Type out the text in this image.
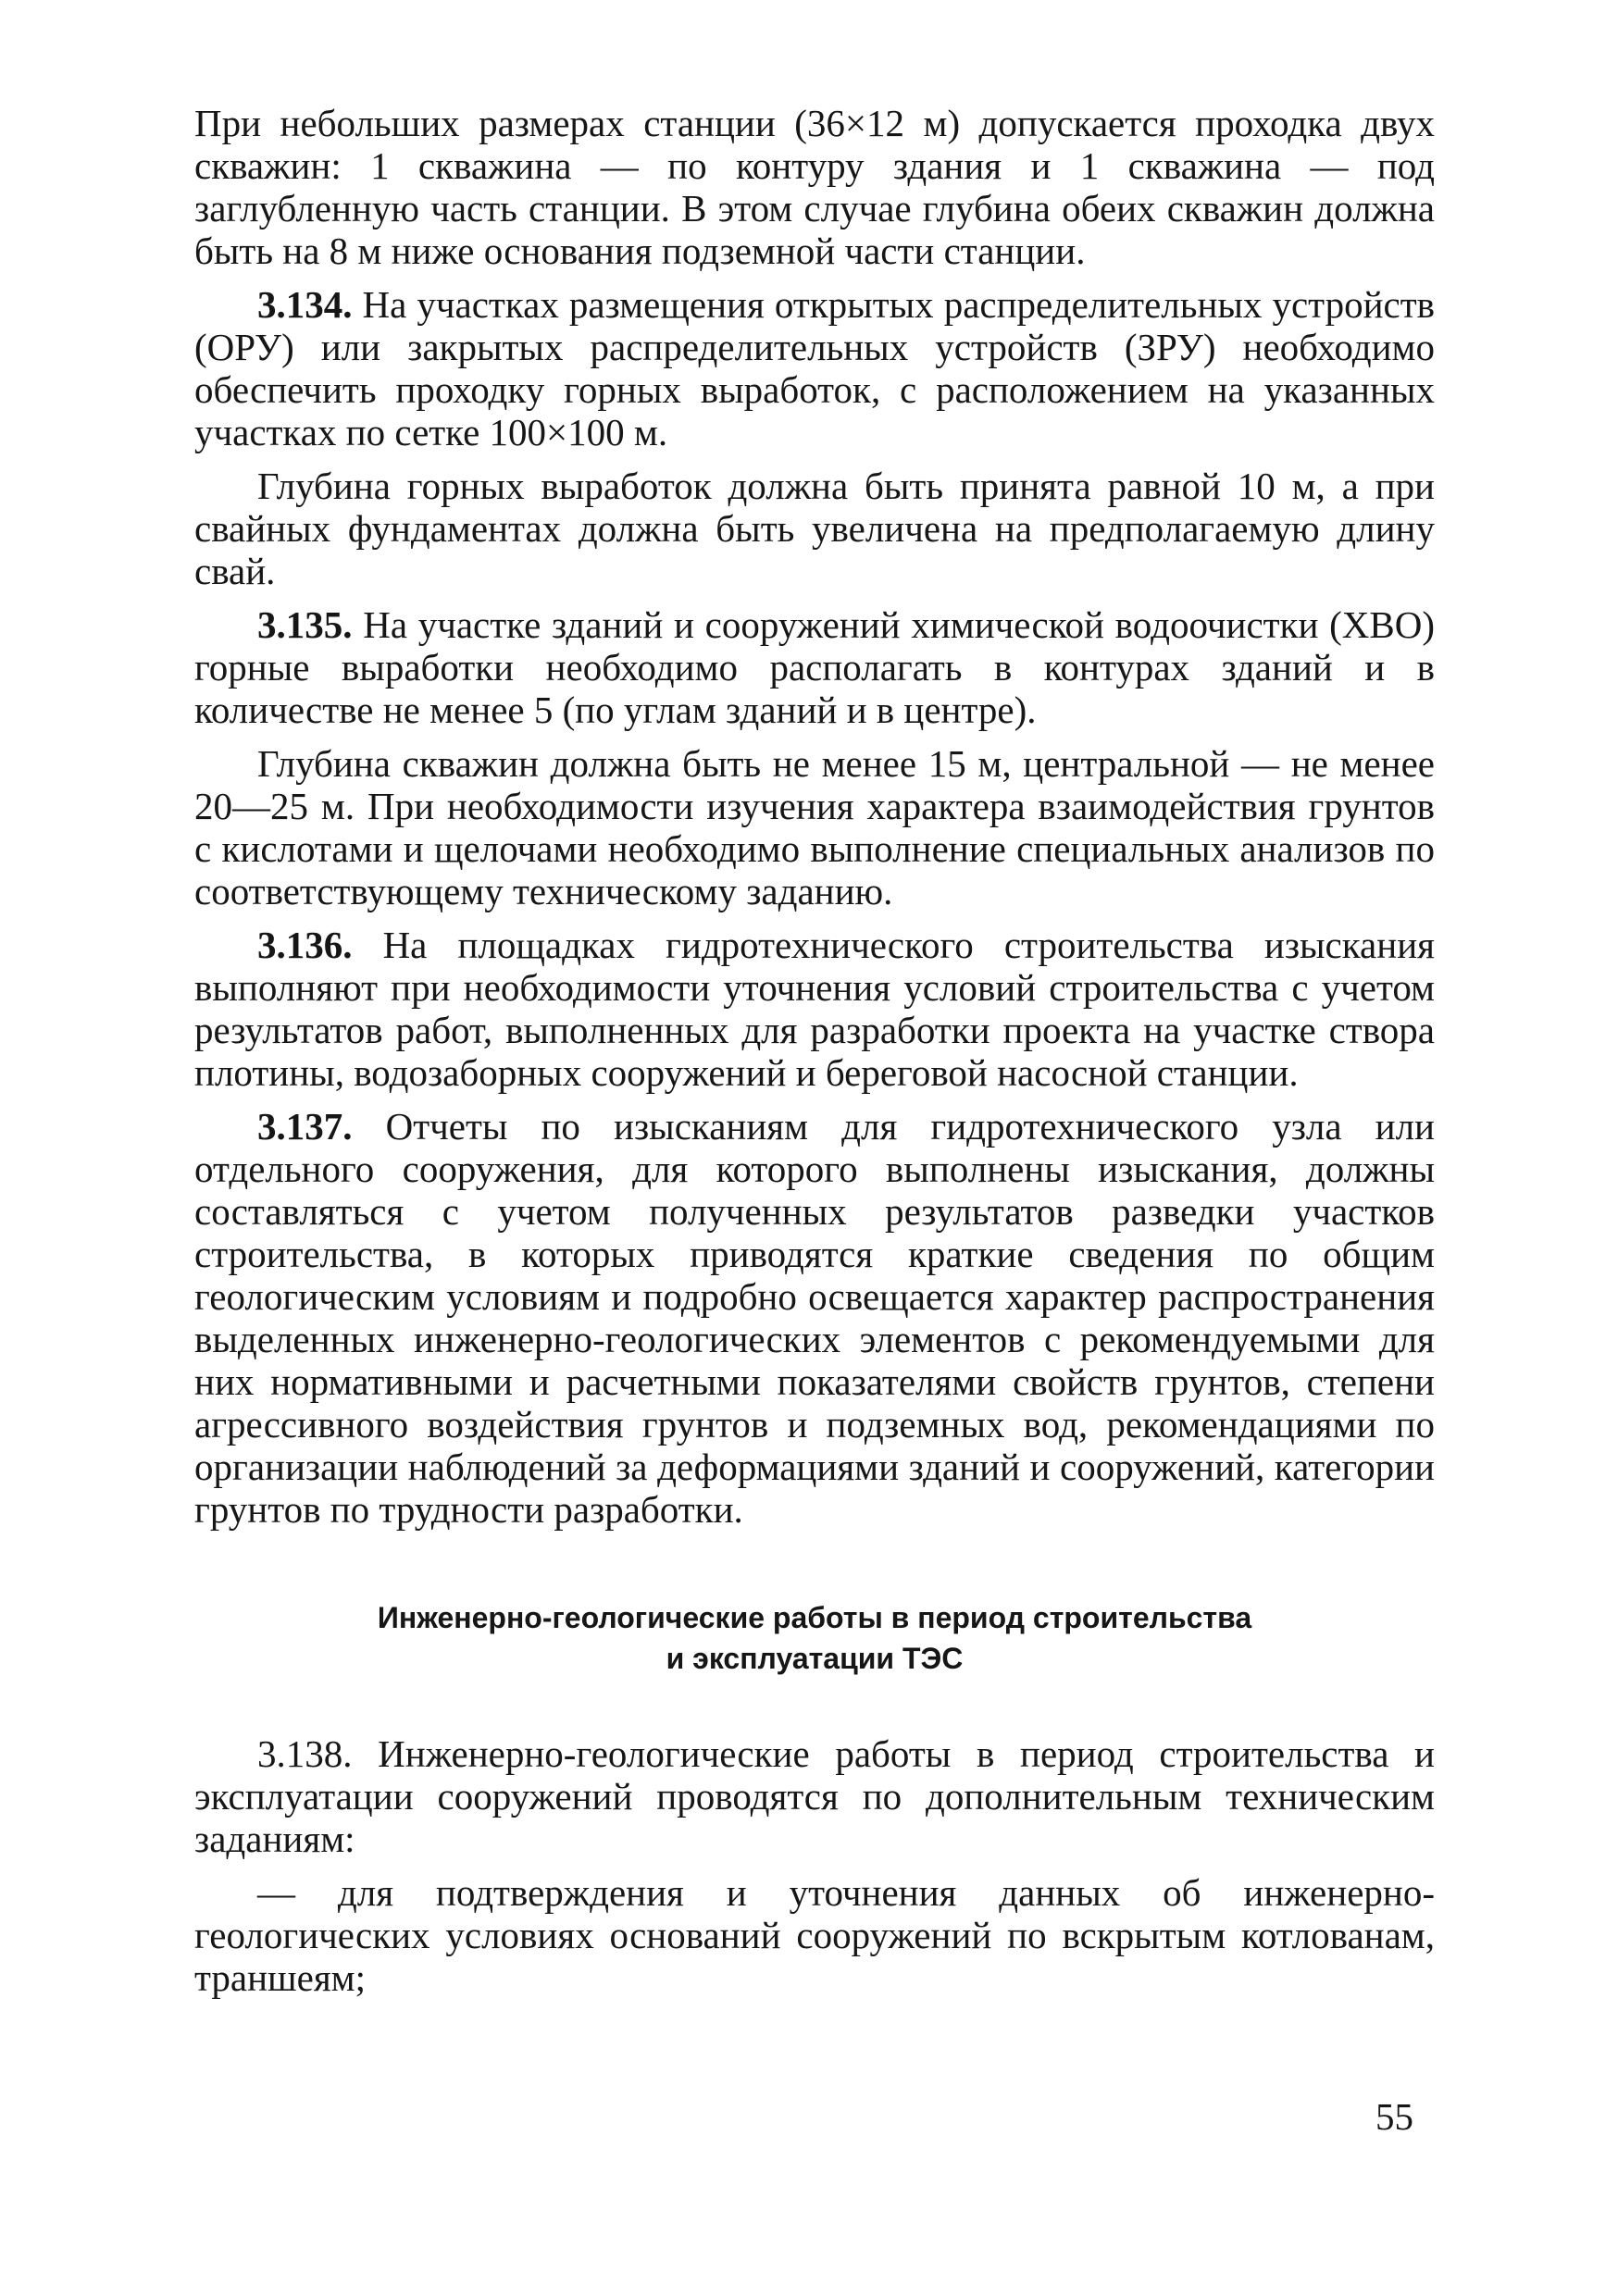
При небольших размерах станции (36×12 м) допускается проходка двух скважин: 1 скважина — по контуру здания и 1 скважина — под заглубленную часть станции. В этом случае глубина обеих скважин должна быть на 8 м ниже основания подземной части станции.

3.134. На участках размещения открытых распределительных устройств (ОРУ) или закрытых распределительных устройств (ЗРУ) необходимо обеспечить проходку горных выработок, с расположением на указанных участках по сетке 100×100 м.

Глубина горных выработок должна быть принята равной 10 м, а при свайных фундаментах должна быть увеличена на предполагаемую длину свай.

3.135. На участке зданий и сооружений химической водоочистки (ХВО) горные выработки необходимо располагать в контурах зданий и в количестве не менее 5 (по углам зданий и в центре).

Глубина скважин должна быть не менее 15 м, центральной — не менее 20—25 м. При необходимости изучения характера взаимодействия грунтов с кислотами и щелочами необходимо выполнение специальных анализов по соответствующему техническому заданию.

3.136. На площадках гидротехнического строительства изыскания выполняют при необходимости уточнения условий строительства с учетом результатов работ, выполненных для разработки проекта на участке створа плотины, водозаборных сооружений и береговой насосной станции.

3.137. Отчеты по изысканиям для гидротехнического узла или отдельного сооружения, для которого выполнены изыскания, должны составляться с учетом полученных результатов разведки участков строительства, в которых приводятся краткие сведения по общим геологическим условиям и подробно освещается характер распространения выделенных инженерно-геологических элементов с рекомендуемыми для них нормативными и расчетными показателями свойств грунтов, степени агрессивного воздействия грунтов и подземных вод, рекомендациями по организации наблюдений за деформациями зданий и сооружений, категории грунтов по трудности разработки.

Инженерно-геологические работы в период строительства
и эксплуатации ТЭС

3.138. Инженерно-геологические работы в период строительства и эксплуатации сооружений проводятся по дополнительным техническим заданиям:

— для подтверждения и уточнения данных об инженерно-геологических условиях оснований сооружений по вскрытым котлованам, траншеям;

55
